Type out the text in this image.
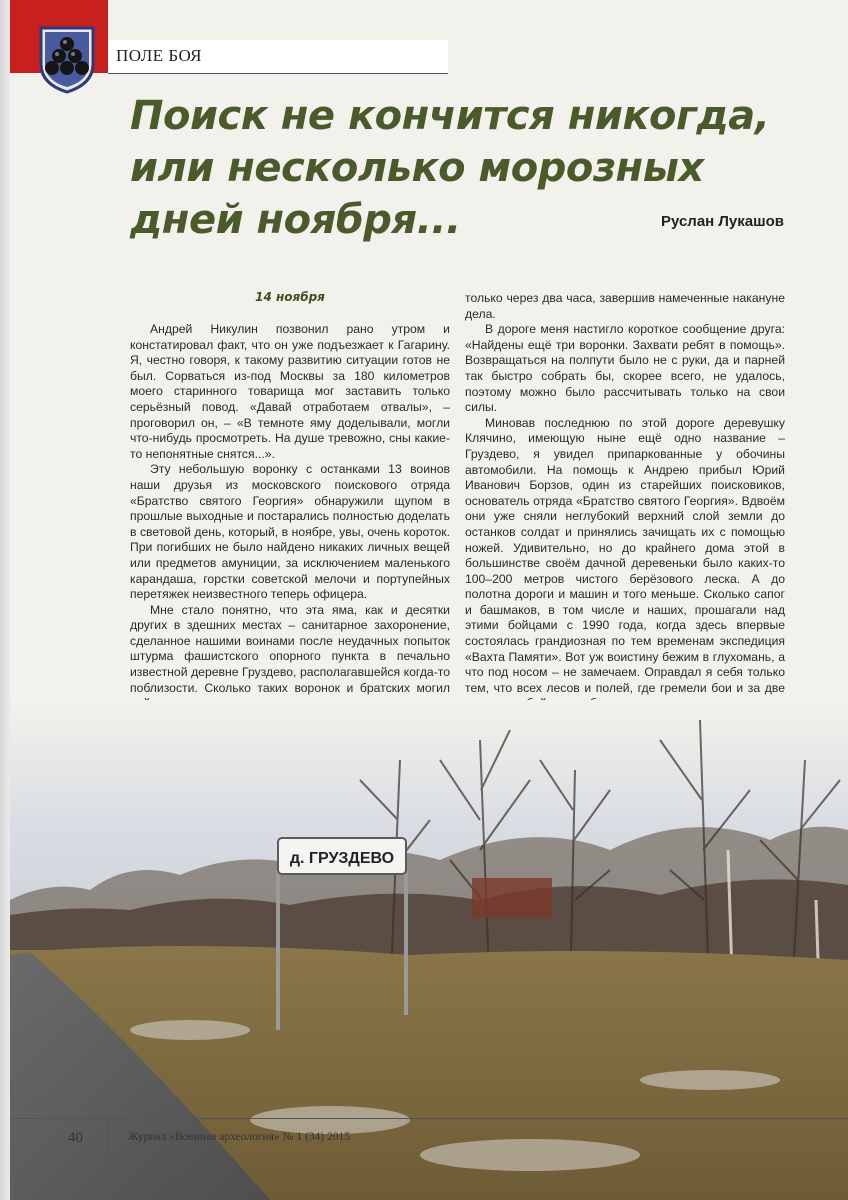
ПОЛЕ БОЯ
Поиск не кончится никогда,
или несколько морозных
дней ноября...	Руслан Лукашов
14 ноября

Андрей Никулин позвонил рано утром и констатировал факт, что он уже подъезжает к Гагарину. Я, честно говоря, к такому развитию ситуации готов не был. Сорваться из-под Москвы за 180 километров моего старинного товарища мог заставить только серьёзный повод. «Давай отработаем отвалы», – проговорил он, – «В темноте яму доделывали, могли что-нибудь просмотреть. На душе тревожно, сны какие-то непонятные снятся...».

Эту небольшую воронку с останками 13 воинов наши друзья из московского поискового отряда «Братство святого Георгия» обнаружили щупом в прошлые выходные и постарались полностью доделать в световой день, который, в ноябре, увы, очень короток. При погибших не было найдено никаких личных вещей или предметов амуниции, за исключением маленького карандаша, горстки советской мелочи и портупейных перетяжек неизвестного теперь офицера.

Мне стало понятно, что эта яма, как и десятки других в здешних местах – санитарное захоронение, сделанное нашими воинами после неудачных попыток штурма фашистского опорного пункта в печально известной деревне Груздево, располагавшейся когда-то поблизости. Сколько таких воронок и братских могил

только через два часа, завершив намеченные накануне дела.

В дороге меня настигло короткое сообщение друга: «Найдены ещё три воронки. Захвати ребят в помощь». Возвращаться на полпути было не с руки, да и парней так быстро собрать бы, скорее всего, не удалось, поэтому можно было рассчитывать только на свои силы.

Миновав последнюю по этой дороге деревушку Клячино, имеющую ныне ещё одно название – Груздево, я увидел припаркованные у обочины автомобили. На помощь к Андрею прибыл Юрий Иванович Борзов, один из старейших поисковиков, основатель отряда «Братство святого Георгия». Вдвоём они уже сняли неглубокий верхний слой земли до останков солдат и принялись зачищать их с помощью ножей. Удивительно, но до крайнего дома этой в большинстве своём дачной деревеньки было каких-то 100–200 метров чистого берёзового леска. А до полотна дороги и машин и того меньше. Сколько сапог и башмаков, в том числе и наших, прошагали над этими бойцами с 1990 года, когда здесь впервые состоялась грандиозная по тем временам экспедиция «Вахта Памяти». Вот уж воистину бежим в глухомань, а что под носом – не замечаем. Оправдал я себя только тем, что всех лесов и полей, где гремели бои и за две

д. ГРУЗДЕВО
40	Журнал «Военная археология» № 1 (34) 2015
